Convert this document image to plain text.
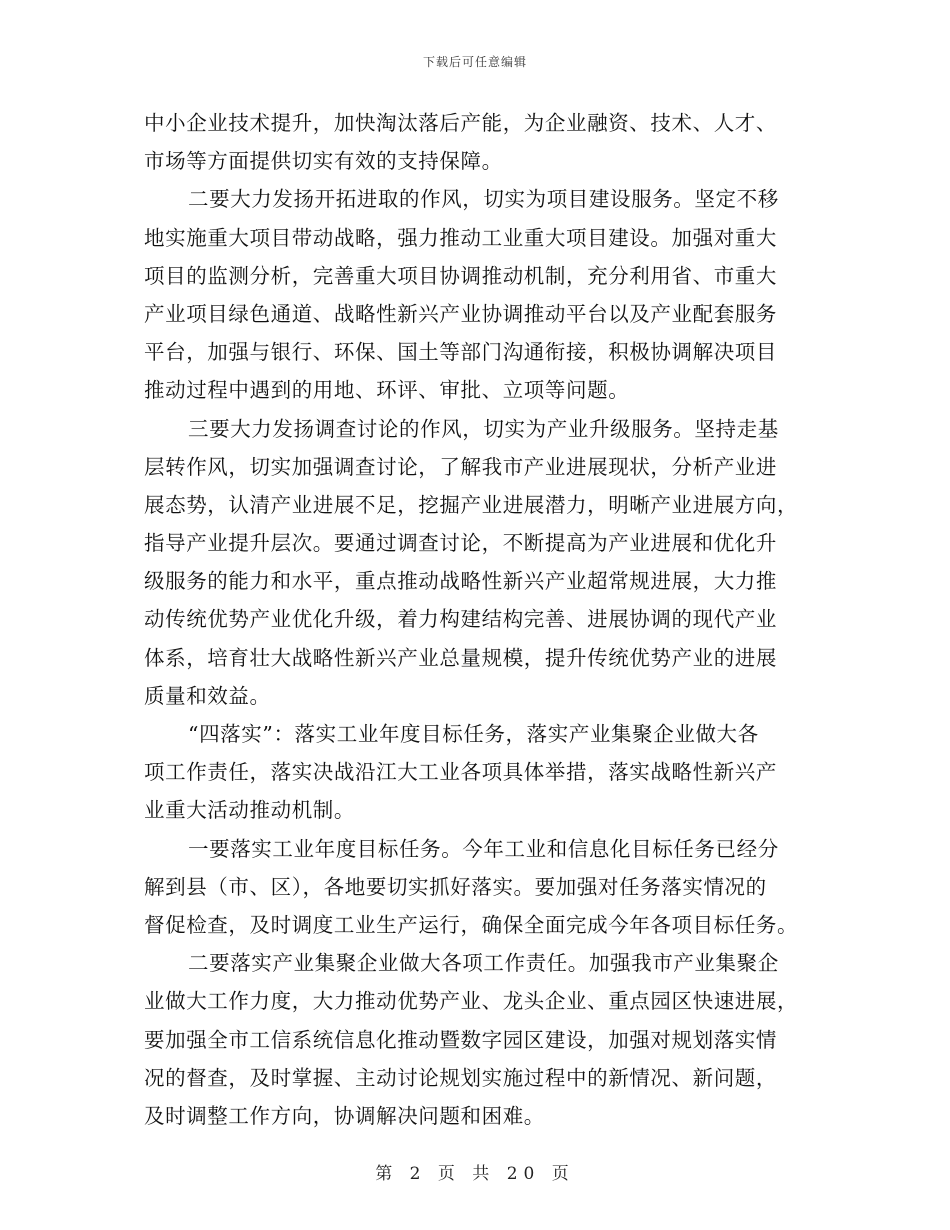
下载后可任意编辑
中小企业技术提升，加快淘汰落后产能，为企业融资、技术、人才、
市场等方面提供切实有效的支持保障。
二要大力发扬开拓进取的作风，切实为项目建设服务。坚定不移
地实施重大项目带动战略，强力推动工业重大项目建设。加强对重大
项目的监测分析，完善重大项目协调推动机制，充分利用省、市重大
产业项目绿色通道、战略性新兴产业协调推动平台以及产业配套服务
平台，加强与银行、环保、国土等部门沟通衔接，积极协调解决项目
推动过程中遇到的用地、环评、审批、立项等问题。
三要大力发扬调查讨论的作风，切实为产业升级服务。坚持走基
层转作风，切实加强调查讨论，了解我市产业进展现状，分析产业进
展态势，认清产业进展不足，挖掘产业进展潜力，明晰产业进展方向，
指导产业提升层次。要通过调查讨论，不断提高为产业进展和优化升
级服务的能力和水平，重点推动战略性新兴产业超常规进展，大力推
动传统优势产业优化升级，着力构建结构完善、进展协调的现代产业
体系，培育壮大战略性新兴产业总量规模，提升传统优势产业的进展
质量和效益。
“四落实”：落实工业年度目标任务，落实产业集聚企业做大各
项工作责任，落实决战沿江大工业各项具体举措，落实战略性新兴产
业重大活动推动机制。
一要落实工业年度目标任务。今年工业和信息化目标任务已经分
解到县（市、区），各地要切实抓好落实。要加强对任务落实情况的
督促检查，及时调度工业生产运行，确保全面完成今年各项目标任务。
二要落实产业集聚企业做大各项工作责任。加强我市产业集聚企
业做大工作力度，大力推动优势产业、龙头企业、重点园区快速进展，
要加强全市工信系统信息化推动暨数字园区建设，加强对规划落实情
况的督查，及时掌握、主动讨论规划实施过程中的新情况、新问题，
及时调整工作方向，协调解决问题和困难。
第 2 页 共 20 页
